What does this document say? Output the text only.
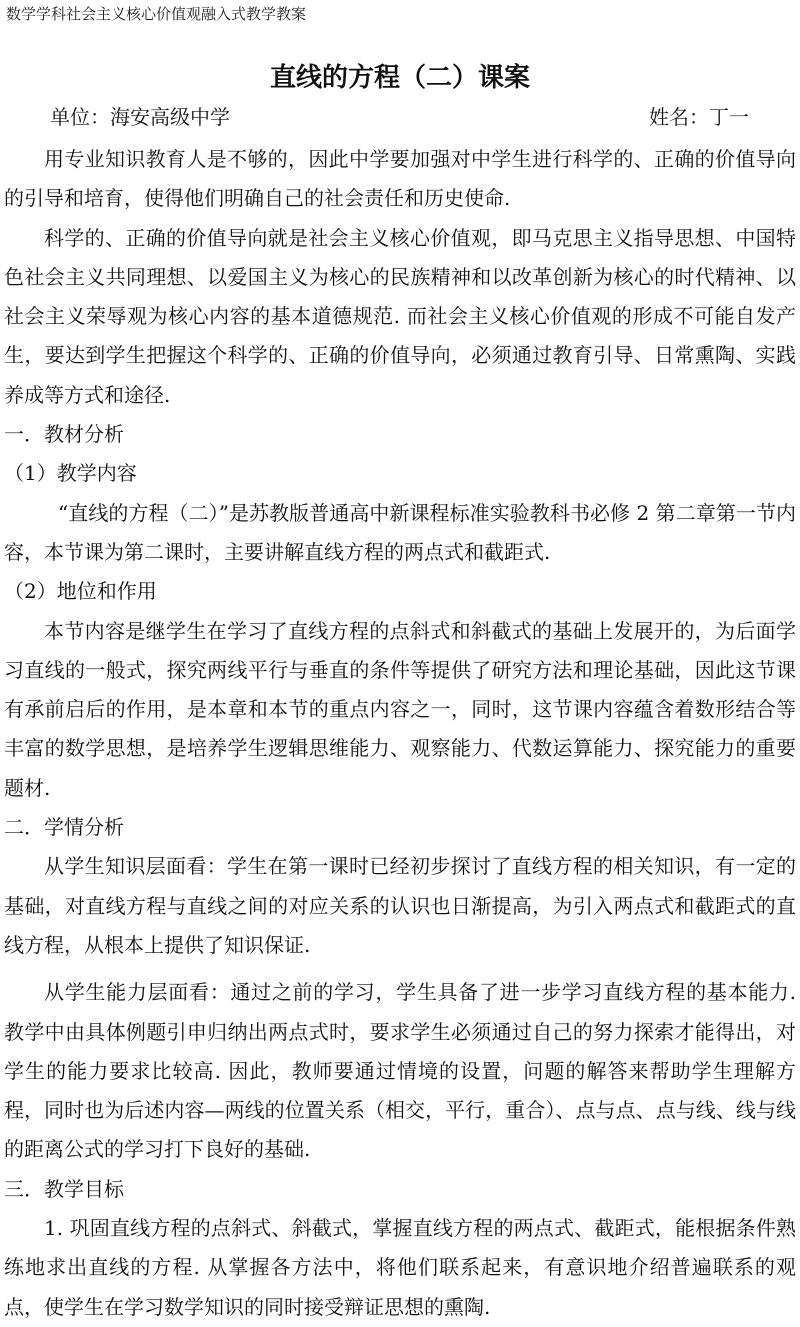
数学学科社会主义核心价值观融入式教学教案
直线的方程（二）课案
单位：海安高级中学	姓名：丁一

用专业知识教育人是不够的，因此中学要加强对中学生进行科学的、正确的价值导向的引导和培育，使得他们明确自己的社会责任和历史使命.

科学的、正确的价值导向就是社会主义核心价值观，即马克思主义指导思想、中国特色社会主义共同理想、以爱国主义为核心的民族精神和以改革创新为核心的时代精神、以社会主义荣辱观为核心内容的基本道德规范. 而社会主义核心价值观的形成不可能自发产生，要达到学生把握这个科学的、正确的价值导向，必须通过教育引导、日常熏陶、实践养成等方式和途径.

一．教材分析

（1）教学内容

“直线的方程（二）”是苏教版普通高中新课程标准实验教科书必修 2 第二章第一节内容，本节课为第二课时，主要讲解直线方程的两点式和截距式.

（2）地位和作用

本节内容是继学生在学习了直线方程的点斜式和斜截式的基础上发展开的，为后面学习直线的一般式，探究两线平行与垂直的条件等提供了研究方法和理论基础，因此这节课有承前启后的作用，是本章和本节的重点内容之一，同时，这节课内容蕴含着数形结合等丰富的数学思想，是培养学生逻辑思维能力、观察能力、代数运算能力、探究能力的重要题材.

二．学情分析

从学生知识层面看：学生在第一课时已经初步探讨了直线方程的相关知识，有一定的基础，对直线方程与直线之间的对应关系的认识也日渐提高，为引入两点式和截距式的直线方程，从根本上提供了知识保证.

从学生能力层面看：通过之前的学习，学生具备了进一步学习直线方程的基本能力. 教学中由具体例题引申归纳出两点式时，要求学生必须通过自己的努力探索才能得出，对学生的能力要求比较高. 因此，教师要通过情境的设置，问题的解答来帮助学生理解方程，同时也为后述内容—两线的位置关系（相交，平行，重合）、点与点、点与线、线与线的距离公式的学习打下良好的基础.

三．教学目标

1. 巩固直线方程的点斜式、斜截式，掌握直线方程的两点式、截距式，能根据条件熟练地求出直线的方程. 从掌握各方法中，将他们联系起来，有意识地介绍普遍联系的观点，使学生在学习数学知识的同时接受辩证思想的熏陶.
